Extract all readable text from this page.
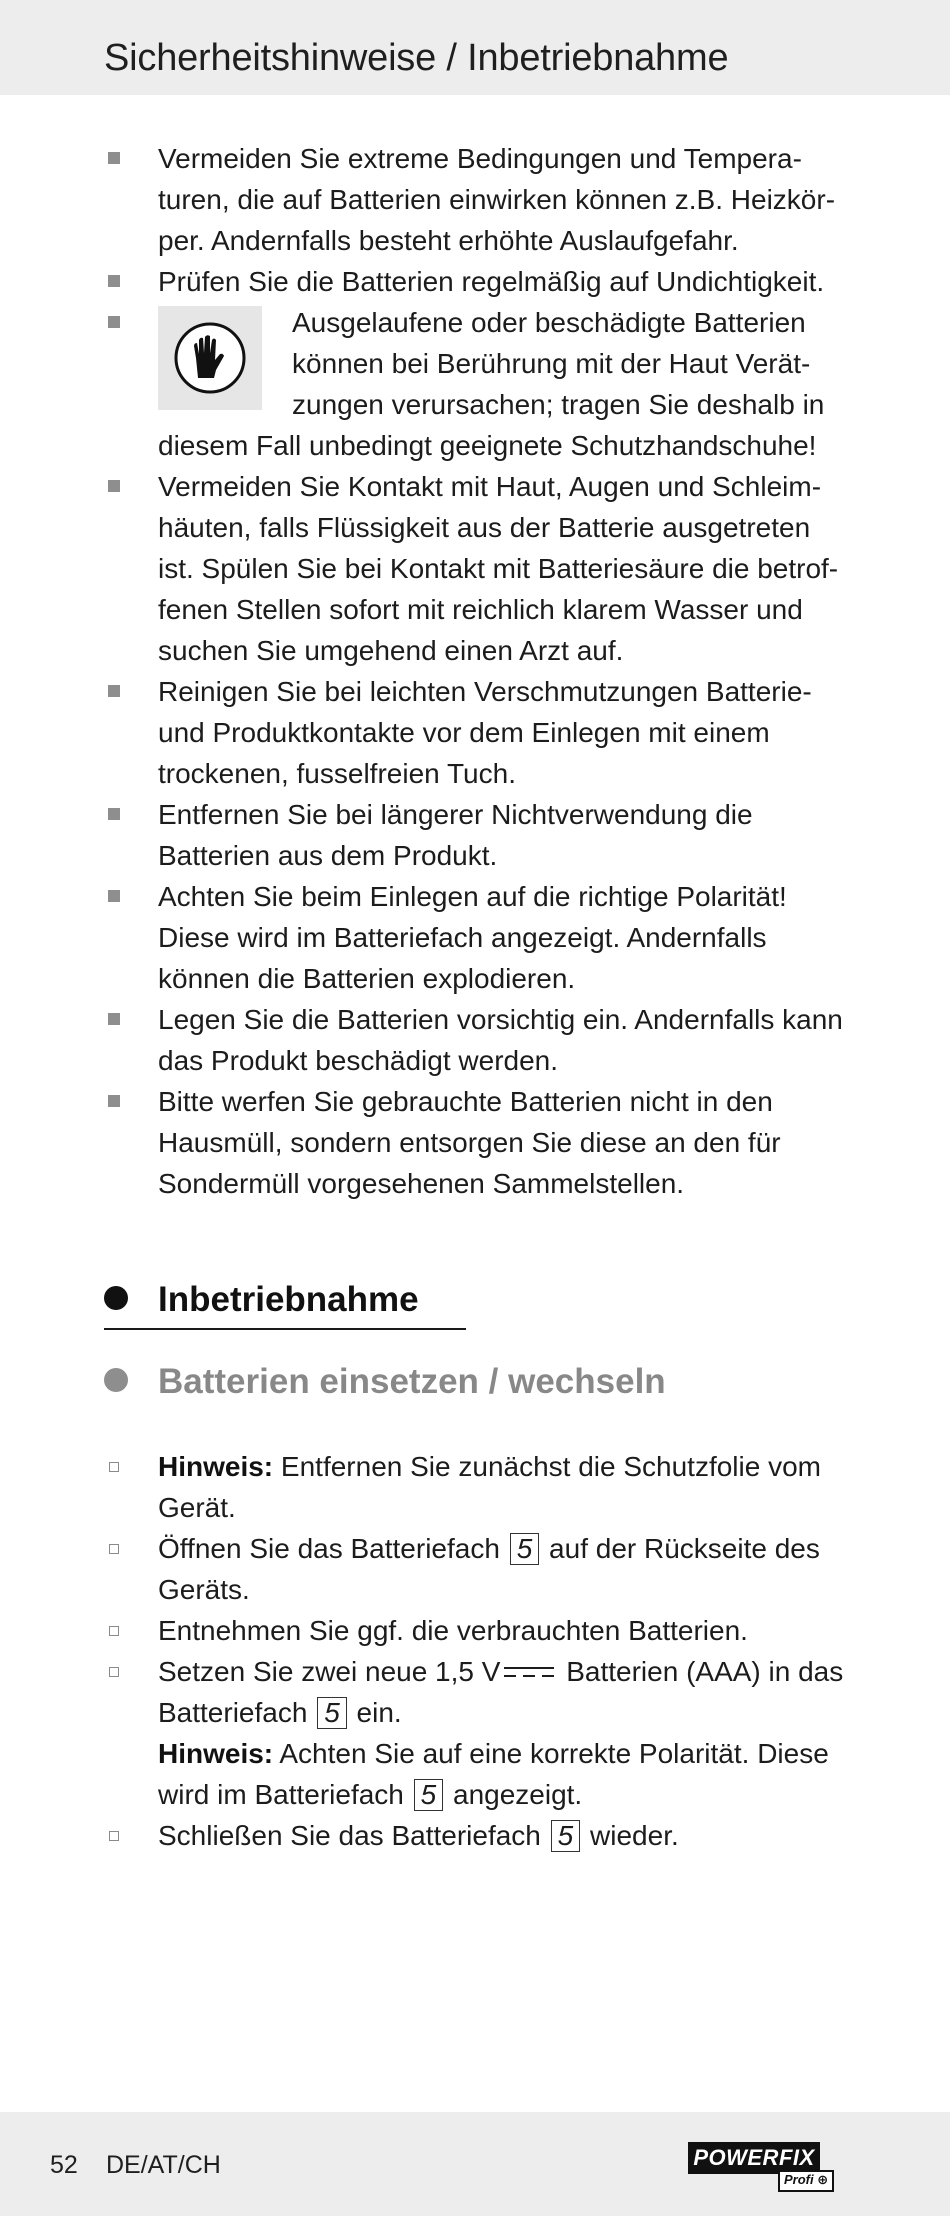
Sicherheitshinweise / Inbetriebnahme
Vermeiden Sie extreme Bedingungen und Tempera-turen, die auf Batterien einwirken können z.B. Heizkör-per. Andernfalls besteht erhöhte Auslaufgefahr.
Prüfen Sie die Batterien regelmäßig auf Undichtigkeit.
Ausgelaufene oder beschädigte Batterien können bei Berührung mit der Haut Verät-zungen verursachen; tragen Sie deshalb in diesem Fall unbedingt geeignete Schutzhandschuhe!
Vermeiden Sie Kontakt mit Haut, Augen und Schleim-häuten, falls Flüssigkeit aus der Batterie ausgetreten ist. Spülen Sie bei Kontakt mit Batteriesäure die betrof-fenen Stellen sofort mit reichlich klarem Wasser und suchen Sie umgehend einen Arzt auf.
Reinigen Sie bei leichten Verschmutzungen Batterie- und Produktkontakte vor dem Einlegen mit einem trockenen, fusselfreien Tuch.
Entfernen Sie bei längerer Nichtverwendung die Batterien aus dem Produkt.
Achten Sie beim Einlegen auf die richtige Polarität! Diese wird im Batteriefach angezeigt. Andernfalls können die Batterien explodieren.
Legen Sie die Batterien vorsichtig ein. Andernfalls kann das Produkt beschädigt werden.
Bitte werfen Sie gebrauchte Batterien nicht in den Hausmüll, sondern entsorgen Sie diese an den für Sondermüll vorgesehenen Sammelstellen.
Inbetriebnahme
Batterien einsetzen / wechseln
Hinweis: Entfernen Sie zunächst die Schutzfolie vom Gerät.
Öffnen Sie das Batteriefach 5 auf der Rückseite des Geräts.
Entnehmen Sie ggf. die verbrauchten Batterien.
Setzen Sie zwei neue 1,5 V Batterien (AAA) in das Batteriefach 5 ein.
Hinweis: Achten Sie auf eine korrekte Polarität. Diese wird im Batteriefach 5 angezeigt.
Schließen Sie das Batteriefach 5 wieder.
52 DE/AT/CH	POWERFIX
Profi ⊕
